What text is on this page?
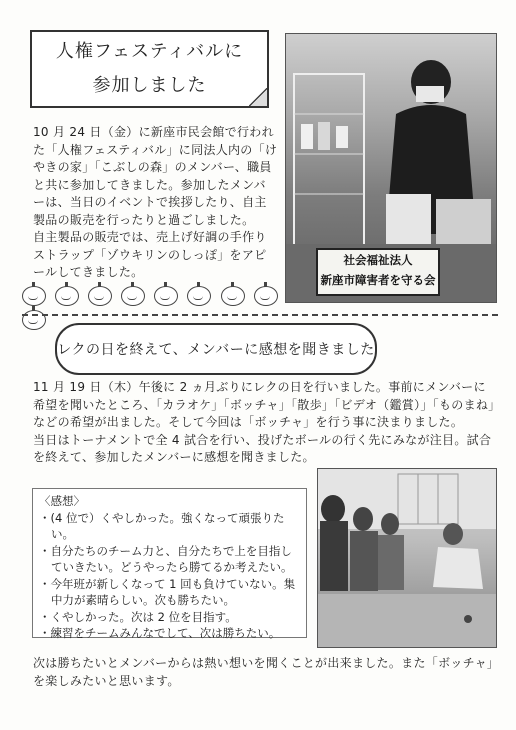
人権フェスティバルに
参加しました
社会福祉法人
新座市障害者を守る会
10 月 24 日（金）に新座市民会館で行われた「人権フェスティバル」に同法人内の「けやきの家」「こぶしの森」のメンバー、職員と共に参加してきました。参加したメンバーは、当日のイベントで挨拶したり、自主製品の販売を行ったりと過ごしました。
自主製品の販売では、売上げ好調の手作りストラップ「ゾウキリンのしっぽ」をアピールしてきました。

レクの日を終えて、メンバーに感想を聞きました
11 月 19 日（木）午後に 2 ヵ月ぶりにレクの日を行いました。事前にメンバーに希望を聞いたところ、「カラオケ」「ボッチャ」「散歩」「ビデオ（鑑賞）」「ものまね」などの希望が出ました。そして今回は「ボッチャ」を行う事に決まりました。
当日はトーナメントで全 4 試合を行い、投げたボールの行く先にみなが注目。試合を終えて、参加したメンバーに感想を聞きました。
〈感想〉
・(4 位で）くやしかった。強くなって頑張りたい。
・自分たちのチーム力と、自分たちで上を目指していきたい。どうやったら勝てるか考えたい。
・今年班が新しくなって 1 回も負けていない。集中力が素晴らしい。次も勝ちたい。
・くやしかった。次は 2 位を目指す。
・練習をチームみんなでして、次は勝ちたい。
次は勝ちたいとメンバーからは熱い想いを聞くことが出来ました。また「ボッチャ」を楽しみたいと思います。
